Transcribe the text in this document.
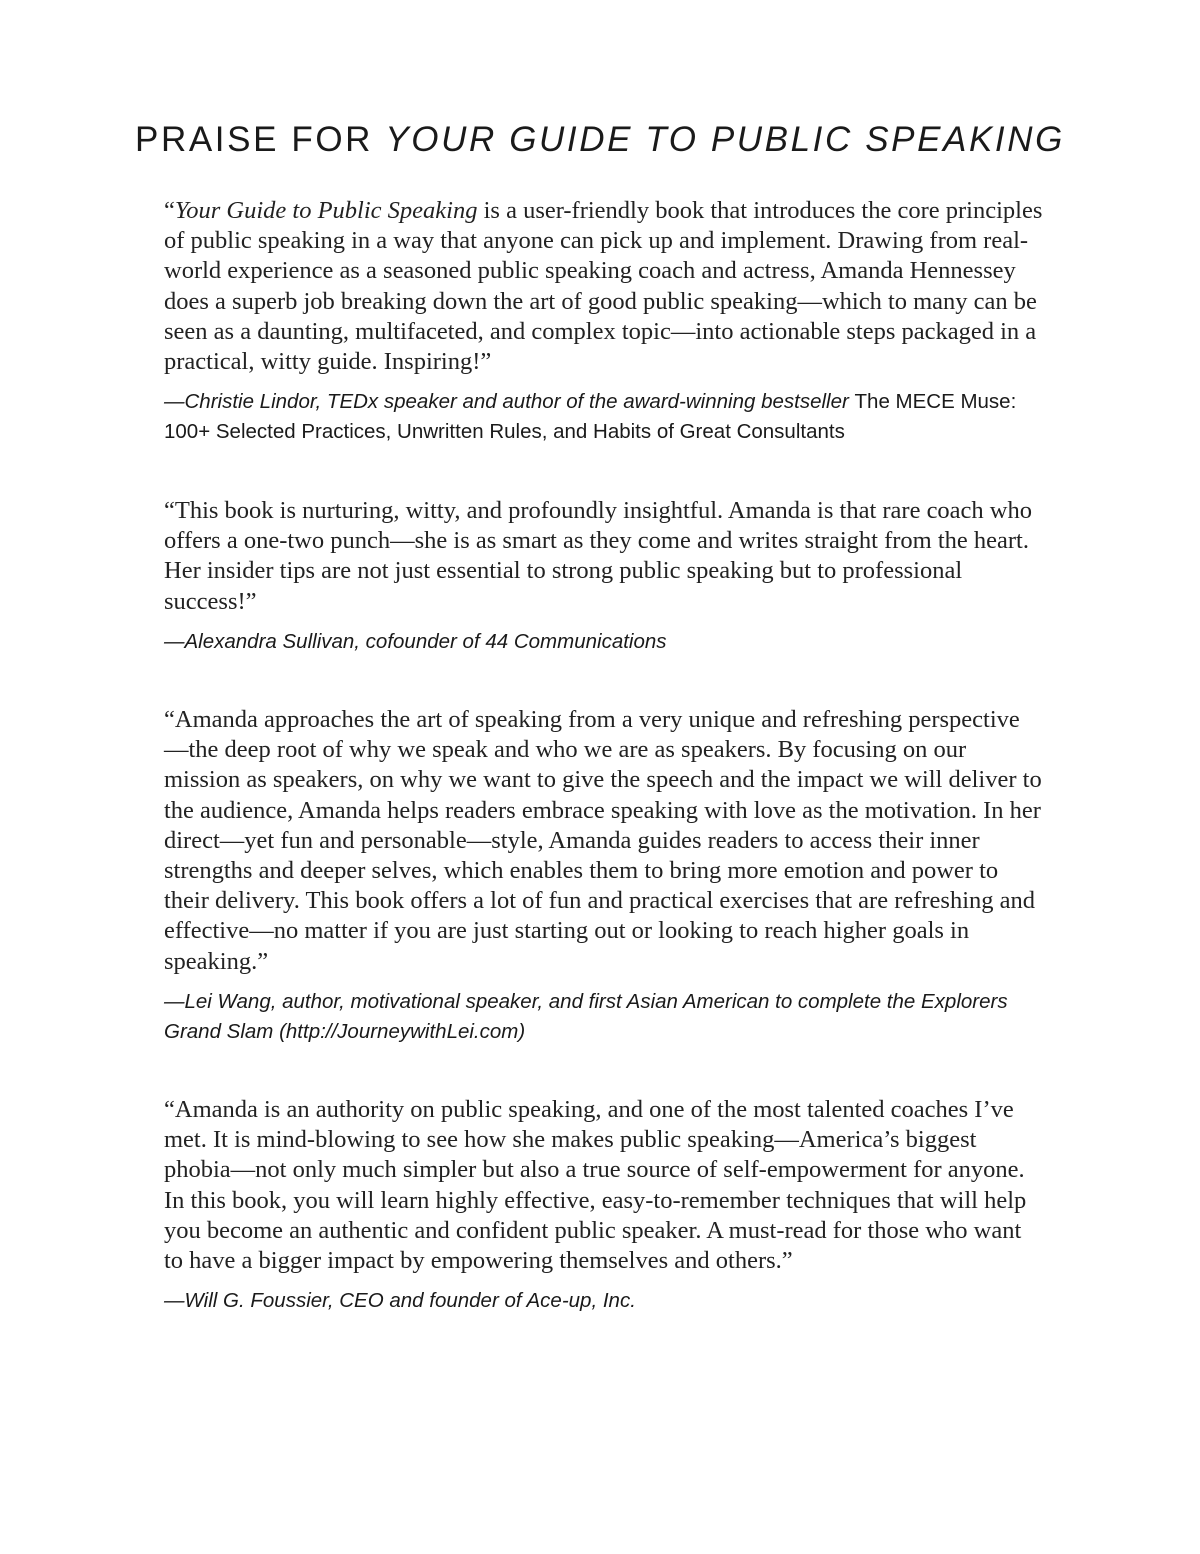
PRAISE FOR YOUR GUIDE TO PUBLIC SPEAKING

“Your Guide to Public Speaking is a user-friendly book that introduces the core principles of public speaking in a way that anyone can pick up and implement. Drawing from real-world experience as a seasoned public speaking coach and actress, Amanda Hennessey does a superb job breaking down the art of good public speaking—which to many can be seen as a daunting, multifaceted, and complex topic—into actionable steps packaged in a practical, witty guide. Inspiring!”

—Christie Lindor, TEDx speaker and author of the award-winning bestseller The MECE Muse: 100+ Selected Practices, Unwritten Rules, and Habits of Great Consultants

“This book is nurturing, witty, and profoundly insightful. Amanda is that rare coach who offers a one-two punch—she is as smart as they come and writes straight from the heart. Her insider tips are not just essential to strong public speaking but to professional success!”

—Alexandra Sullivan, cofounder of 44 Communications

“Amanda approaches the art of speaking from a very unique and refreshing perspective—the deep root of why we speak and who we are as speakers. By focusing on our mission as speakers, on why we want to give the speech and the impact we will deliver to the audience, Amanda helps readers embrace speaking with love as the motivation. In her direct—yet fun and personable—style, Amanda guides readers to access their inner strengths and deeper selves, which enables them to bring more emotion and power to their delivery. This book offers a lot of fun and practical exercises that are refreshing and effective—no matter if you are just starting out or looking to reach higher goals in speaking.”

—Lei Wang, author, motivational speaker, and first Asian American to complete the Explorers Grand Slam (http://JourneywithLei.com)

“Amanda is an authority on public speaking, and one of the most talented coaches I’ve met. It is mind-blowing to see how she makes public speaking—America’s biggest phobia—not only much simpler but also a true source of self-empowerment for anyone. In this book, you will learn highly effective, easy-to-remember techniques that will help you become an authentic and confident public speaker. A must-read for those who want to have a bigger impact by empowering themselves and others.”

—Will G. Foussier, CEO and founder of Ace-up, Inc.
